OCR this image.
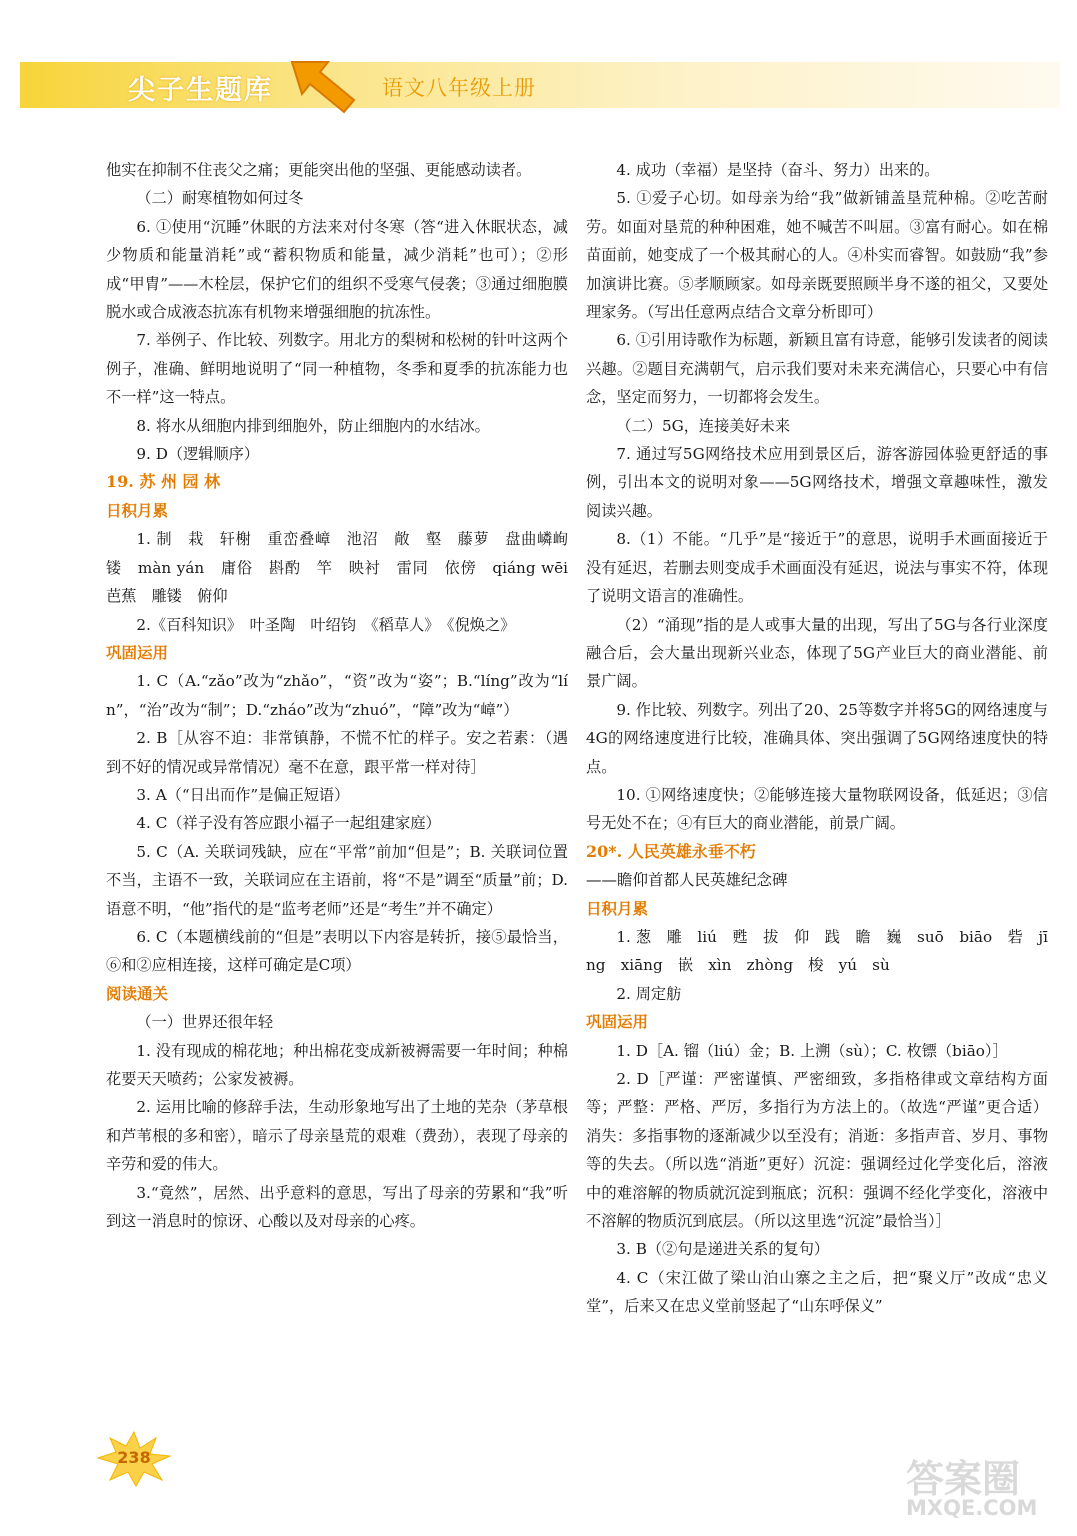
尖子生题库	语文八年级上册

他实在抑制不住丧父之痛；更能突出他的坚强、更能感动读者。

（二）耐寒植物如何过冬

6. ①使用“沉睡”休眠的方法来对付冬寒（答“进入休眠状态，减少物质和能量消耗”或“蓄积物质和能量，减少消耗”也可）；②形成“甲胄”——木栓层，保护它们的组织不受寒气侵袭；③通过细胞膜脱水或合成液态抗冻有机物来增强细胞的抗冻性。

7. 举例子、作比较、列数字。用北方的梨树和松树的针叶这两个例子，准确、鲜明地说明了“同一种植物，冬季和夏季的抗冻能力也不一样”这一特点。

8. 将水从细胞内排到细胞外，防止细胞内的水结冰。

9. D（逻辑顺序）

19. 苏 州 园 林

日积月累

1. 制　栽　轩榭　重峦叠嶂　池沼　敞　壑　藤萝　盘曲嶙峋　镂　màn yán　庸俗　斟酌　竿　映衬　雷同　依傍　qiáng wēi　芭蕉　雕镂　俯仰

2.《百科知识》　叶圣陶　叶绍钧　《稻草人》　《倪焕之》

巩固运用

1. C（A.“zǎo”改为“zhǎo”，“资”改为“姿”；B.“líng”改为“lín”，“治”改为“制”；D.“zháo”改为“zhuó”，“障”改为“嶂”）

2. B［从容不迫：非常镇静，不慌不忙的样子。安之若素：（遇到不好的情况或异常情况）毫不在意，跟平常一样对待］

3. A（“日出而作”是偏正短语）

4. C（祥子没有答应跟小福子一起组建家庭）

5. C（A. 关联词残缺，应在“平常”前加“但是”；B. 关联词位置不当，主语不一致，关联词应在主语前，将“不是”调至“质量”前；D. 语意不明，“他”指代的是“监考老师”还是“考生”并不确定）

6. C（本题横线前的“但是”表明以下内容是转折，接⑤最恰当，⑥和②应相连接，这样可确定是C项）

阅读通关

（一）世界还很年轻

1. 没有现成的棉花地；种出棉花变成新被褥需要一年时间；种棉花要天天喷药；公家发被褥。

2. 运用比喻的修辞手法，生动形象地写出了土地的芜杂（茅草根和芦苇根的多和密），暗示了母亲垦荒的艰难（费劲），表现了母亲的辛劳和爱的伟大。

3.“竟然”，居然、出乎意料的意思，写出了母亲的劳累和“我”听到这一消息时的惊讶、心酸以及对母亲的心疼。

4. 成功（幸福）是坚持（奋斗、努力）出来的。

5. ①爱子心切。如母亲为给“我”做新铺盖垦荒种棉。②吃苦耐劳。如面对垦荒的种种困难，她不喊苦不叫屈。③富有耐心。如在棉苗面前，她变成了一个极其耐心的人。④朴实而睿智。如鼓励“我”参加演讲比赛。⑤孝顺顾家。如母亲既要照顾半身不遂的祖父，又要处理家务。（写出任意两点结合文章分析即可）

6. ①引用诗歌作为标题，新颖且富有诗意，能够引发读者的阅读兴趣。②题目充满朝气，启示我们要对未来充满信心，只要心中有信念，坚定而努力，一切都将会发生。

（二）5G，连接美好未来

7. 通过写5G网络技术应用到景区后，游客游园体验更舒适的事例，引出本文的说明对象——5G网络技术，增强文章趣味性，激发阅读兴趣。

8.（1）不能。“几乎”是“接近于”的意思，说明手术画面接近于没有延迟，若删去则变成手术画面没有延迟，说法与事实不符，体现了说明文语言的准确性。

（2）“涌现”指的是人或事大量的出现，写出了5G与各行业深度融合后，会大量出现新兴业态，体现了5G产业巨大的商业潜能、前景广阔。

9. 作比较、列数字。列出了20、25等数字并将5G的网络速度与4G的网络速度进行比较，准确具体、突出强调了5G网络速度快的特点。

10. ①网络速度快；②能够连接大量物联网设备，低延迟；③信号无处不在；④有巨大的商业潜能，前景广阔。

20*. 人民英雄永垂不朽

——瞻仰首都人民英雄纪念碑

日积月累

1. 葱　雕　liú　甦　拔　仰　践　瞻　巍　suō　biāo　砦　jīng　xiāng　嵌　xìn　zhòng　梭　yú　sù

2. 周定舫

巩固运用

1. D［A. 镏（liú）金；B. 上溯（sù）；C. 枚镖（biāo）］

2. D［严谨：严密谨慎、严密细致，多指格律或文章结构方面等；严整：严格、严厉，多指行为方法上的。（故选“严谨”更合适）消失：多指事物的逐渐减少以至没有；消逝：多指声音、岁月、事物等的失去。（所以选“消逝”更好）沉淀：强调经过化学变化后，溶液中的难溶解的物质就沉淀到瓶底；沉积：强调不经化学变化，溶液中不溶解的物质沉到底层。（所以这里选“沉淀”最恰当）］

3. B（②句是递进关系的复句）

4. C（宋江做了梁山泊山寨之主之后，把“聚义厅”改成“忠义堂”，后来又在忠义堂前竖起了“山东呼保义”

238	答案圈
MXQE.COM
